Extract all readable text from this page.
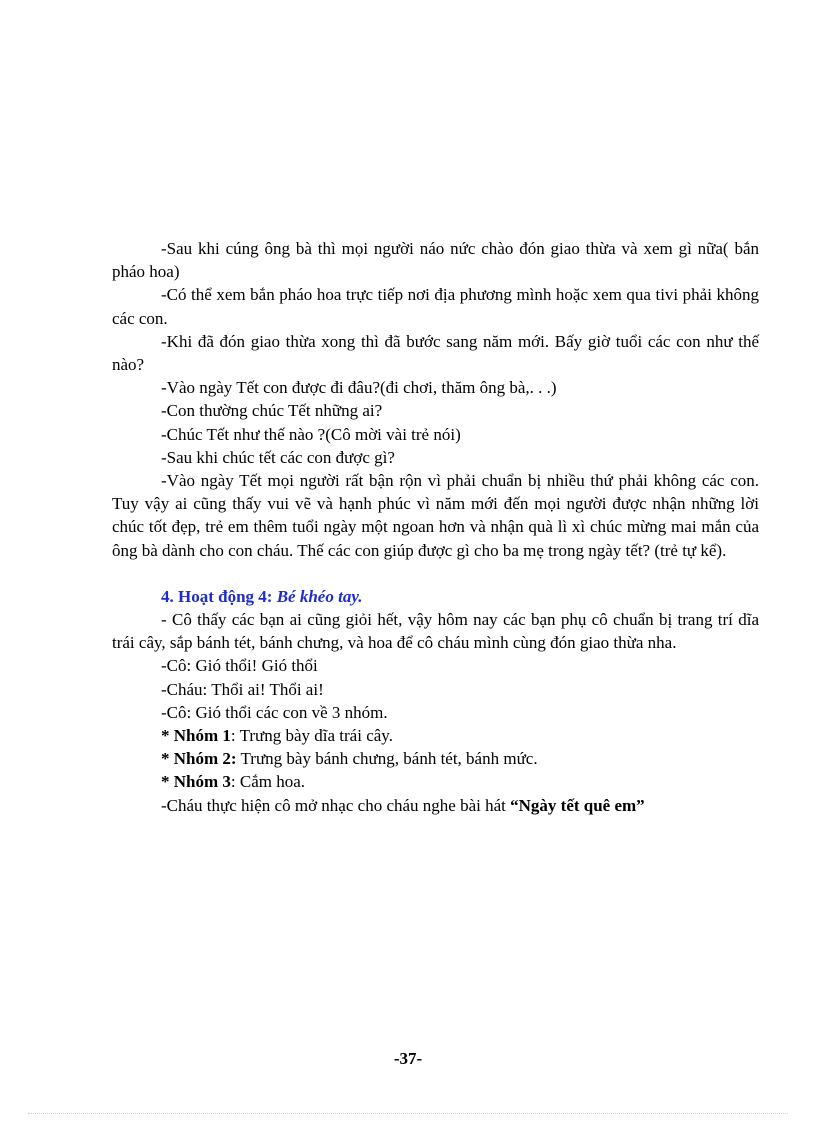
-Sau khi cúng ông bà thì mọi người náo nức chào đón giao thừa và xem gì nữa( bắn pháo hoa)

-Có thể xem bắn pháo hoa trực tiếp nơi địa phương mình hoặc xem qua tivi phải không các con.

-Khi đã đón giao thừa xong thì đã bước sang năm mới. Bấy giờ tuổi các con như thế nào?

-Vào ngày Tết con được đi đâu?(đi chơi, thăm ông bà,. . .)

-Con thường chúc Tết những ai?

-Chúc Tết như thế nào ?(Cô mời vài trẻ nói)

-Sau khi chúc tết các con được gì?

-Vào ngày Tết mọi người rất bận rộn vì phải chuẩn bị nhiều thứ phải không các con. Tuy vậy ai cũng thấy vui vẽ và hạnh phúc vì năm mới đến mọi người được nhận những lời chúc tốt đẹp, trẻ em thêm tuổi ngày một ngoan hơn và nhận quà lì xì chúc mừng mai mắn của ông bà dành cho con cháu. Thế các con giúp được gì cho ba mẹ trong ngày tết? (trẻ tự kể).

4. Hoạt động 4: Bé khéo tay.

- Cô thấy các bạn ai cũng giỏi hết, vậy hôm nay các bạn phụ cô chuẩn bị trang trí dĩa trái cây, sắp bánh tét, bánh chưng, và hoa để cô cháu mình cùng đón giao thừa nha.

-Cô: Gió thổi! Gió thổi

-Cháu: Thổi ai! Thổi ai!

-Cô: Gió thổi các con về 3 nhóm.

* Nhóm 1: Trưng bày dĩa trái cây.

* Nhóm 2: Trưng bày bánh chưng, bánh tét, bánh mức.

* Nhóm 3: Cắm hoa.

-Cháu thực hiện cô mở nhạc cho cháu nghe bài hát “Ngày tết quê em”

-37-
